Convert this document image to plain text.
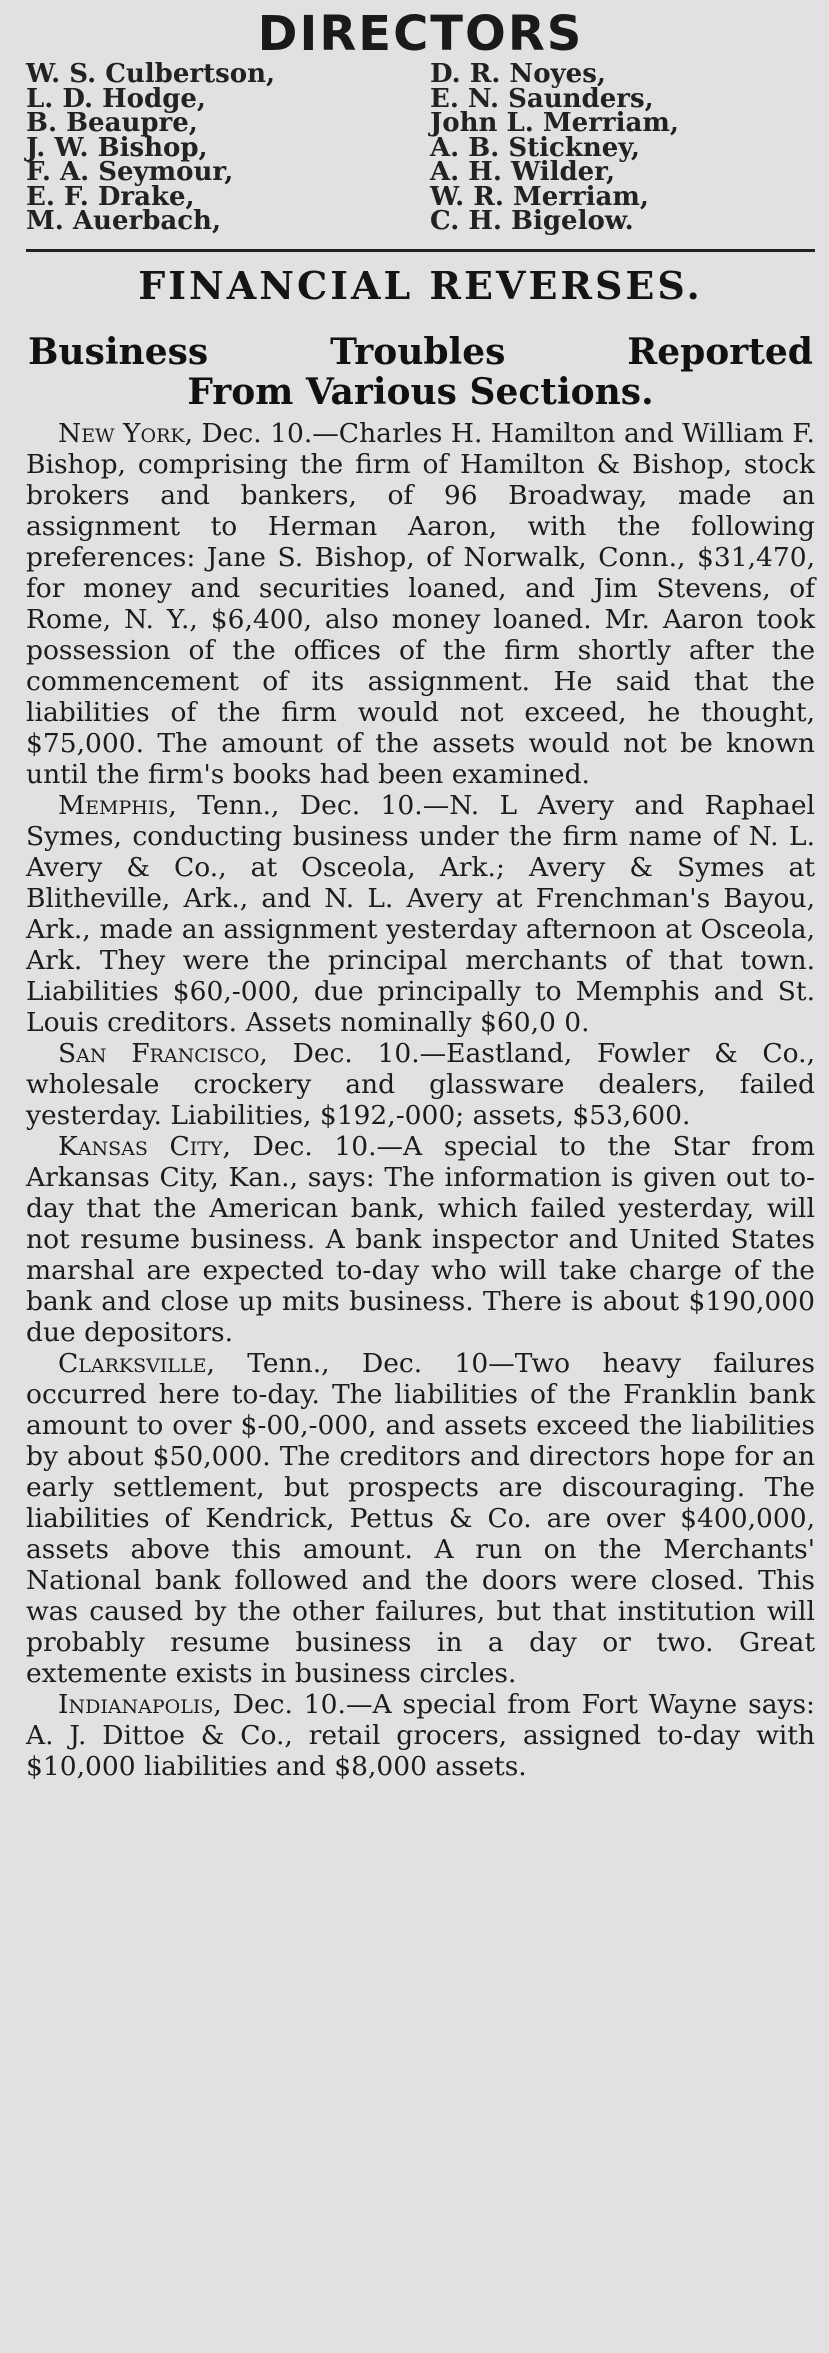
DIRECTORS
W. S. Culbertson,
L. D. Hodge,
B. Beaupre,
J. W. Bishop,
F. A. Seymour,
E. F. Drake,
M. Auerbach,
D. R. Noyes,
E. N. Saunders,
John L. Merriam,
A. B. Stickney,
A. H. Wilder,
W. R. Merriam,
C. H. Bigelow.
FINANCIAL REVERSES.
Business	Troubles	Reported
From Various Sections.

New York, Dec. 10.—Charles H. Hamilton and William F. Bishop, comprising the firm of Hamilton & Bishop, stock brokers and bankers, of 96 Broadway, made an assignment to Herman Aaron, with the following preferences: Jane S. Bishop, of Norwalk, Conn., $31,470, for money and securities loaned, and Jim Stevens, of Rome, N. Y., $6,400, also money loaned. Mr. Aaron took possession of the offices of the firm shortly after the commencement of its assignment. He said that the liabilities of the firm would not exceed, he thought, $75,000. The amount of the assets would not be known until the firm's books had been examined.

Memphis, Tenn., Dec. 10.—N. L Avery and Raphael Symes, conducting business under the firm name of N. L. Avery & Co., at Osceola, Ark.; Avery & Symes at Blitheville, Ark., and N. L. Avery at Frenchman's Bayou, Ark., made an assignment yesterday afternoon at Osceola, Ark. They were the principal merchants of that town. Liabilities $60,-000, due principally to Memphis and St. Louis creditors. Assets nominally $60,0 0.

San Francisco, Dec. 10.—Eastland, Fowler & Co., wholesale crockery and glassware dealers, failed yesterday. Liabilities, $192,-000; assets, $53,600.

Kansas City, Dec. 10.—A special to the Star from Arkansas City, Kan., says: The information is given out to-day that the American bank, which failed yesterday, will not resume business. A bank inspector and United States marshal are expected to-day who will take charge of the bank and close up mits business. There is about $190,000 due depositors.

Clarksville, Tenn., Dec. 10—Two heavy failures occurred here to-day. The liabilities of the Franklin bank amount to over $-00,-000, and assets exceed the liabilities by about $50,000. The creditors and directors hope for an early settlement, but prospects are discouraging. The liabilities of Kendrick, Pettus & Co. are over $400,000, assets above this amount. A run on the Merchants' National bank followed and the doors were closed. This was caused by the other failures, but that institution will probably resume business in a day or two. Great extemente exists in business circles.

Indianapolis, Dec. 10.—A special from Fort Wayne says: A. J. Dittoe & Co., retail grocers, assigned to-day with $10,000 liabilities and $8,000 assets.
